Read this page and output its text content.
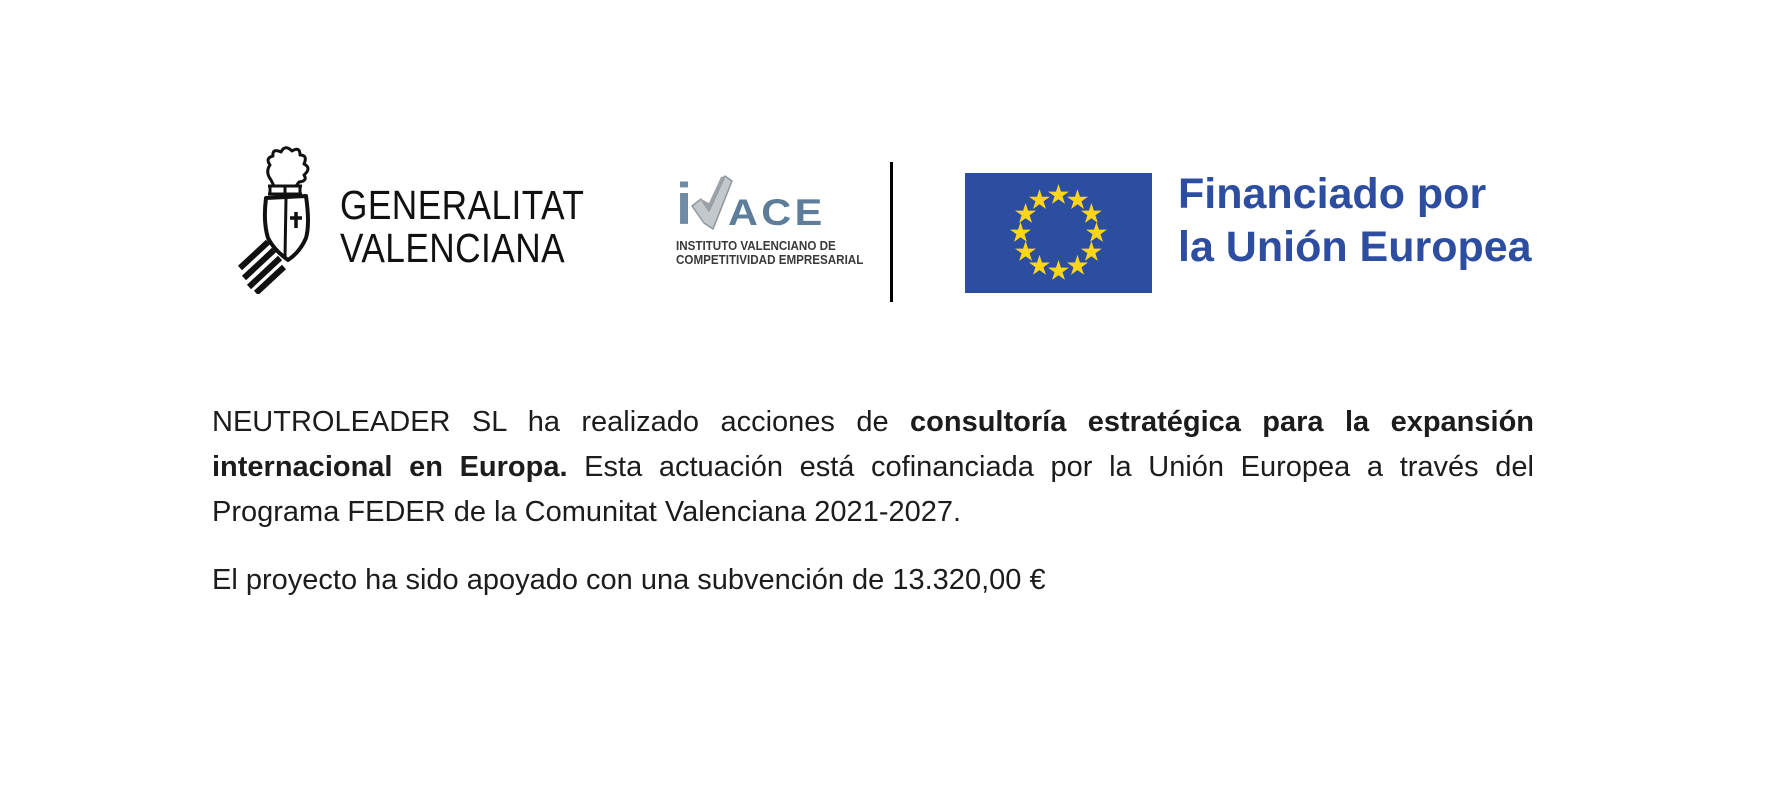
GENERALITAT
VALENCIANA
i ACE
INSTITUTO VALENCIANO DE
COMPETITIVIDAD EMPRESARIAL
Financiado por
la Unión Europea
NEUTROLEADER SL ha realizado acciones de consultoría estratégica para la expansión
internacional en Europa. Esta actuación está cofinanciada por la Unión Europea a través del
Programa FEDER de la Comunitat Valenciana 2021-2027.
El proyecto ha sido apoyado con una subvención de 13.320,00 €
